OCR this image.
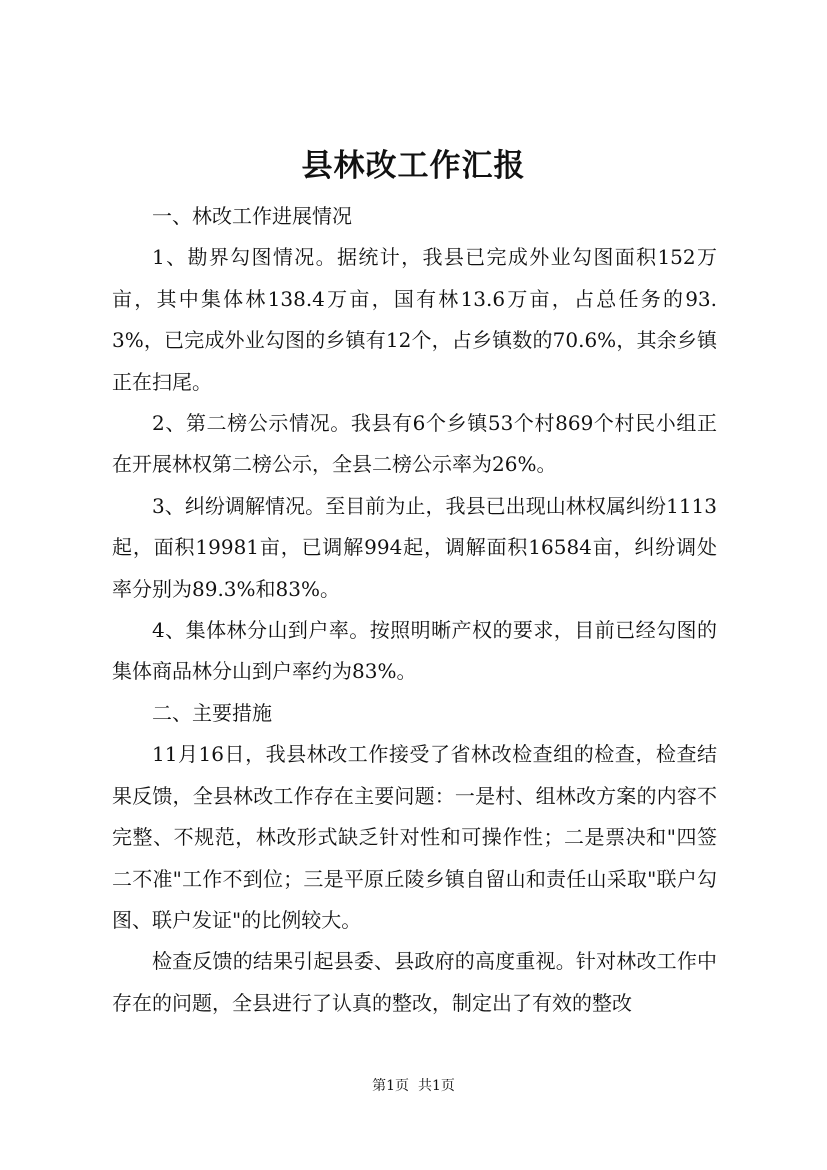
县林改工作汇报

一、林改工作进展情况

1、勘界勾图情况。据统计，我县已完成外业勾图面积152万亩，其中集体林138.4万亩，国有林13.6万亩，占总任务的93.3%，已完成外业勾图的乡镇有12个，占乡镇数的70.6%，其余乡镇正在扫尾。

2、第二榜公示情况。我县有6个乡镇53个村869个村民小组正在开展林权第二榜公示，全县二榜公示率为26%。

3、纠纷调解情况。至目前为止，我县已出现山林权属纠纷1113起，面积19981亩，已调解994起，调解面积16584亩，纠纷调处率分别为89.3%和83%。

4、集体林分山到户率。按照明晰产权的要求，目前已经勾图的集体商品林分山到户率约为83%。

二、主要措施

11月16日，我县林改工作接受了省林改检查组的检查，检查结果反馈，全县林改工作存在主要问题：一是村、组林改方案的内容不完整、不规范，林改形式缺乏针对性和可操作性；二是票决和"四签二不准"工作不到位；三是平原丘陵乡镇自留山和责任山采取"联户勾图、联户发证"的比例较大。

检查反馈的结果引起县委、县政府的高度重视。针对林改工作中存在的问题，全县进行了认真的整改，制定出了有效的整改

第1页  共1页
